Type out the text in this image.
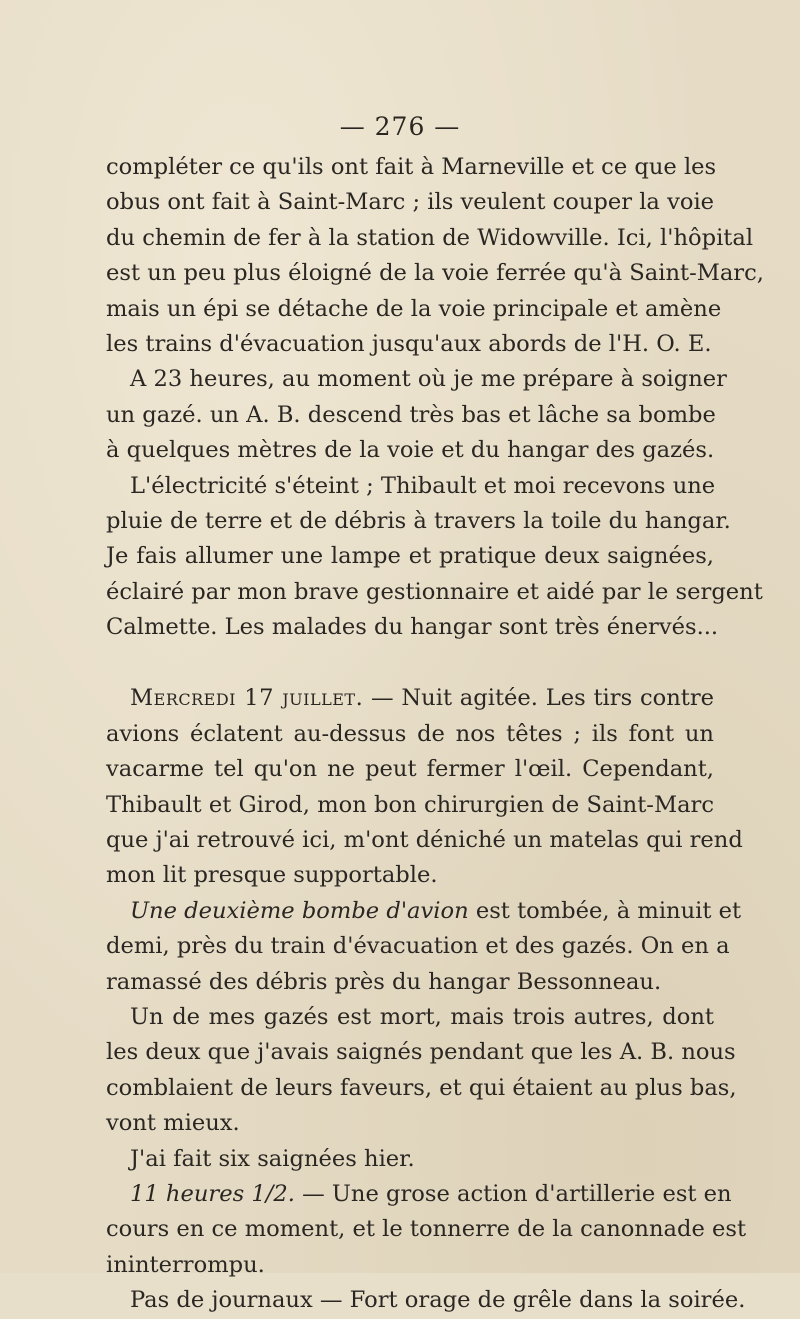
— 276 —
compléter ce qu'ils ont fait à Marneville et ce que les
obus ont fait à Saint-Marc ; ils veulent couper la voie
du chemin de fer à la station de Widowville. Ici, l'hôpital
est un peu plus éloigné de la voie ferrée qu'à Saint-Marc,
mais un épi se détache de la voie principale et amène
les trains d'évacuation jusqu'aux abords de l'H. O. E.
A 23 heures, au moment où je me prépare à soigner
un gazé. un A. B. descend très bas et lâche sa bombe
à quelques mètres de la voie et du hangar des gazés.
L'électricité s'éteint ; Thibault et moi recevons une
pluie de terre et de débris à travers la toile du hangar.
Je fais allumer une lampe et pratique deux saignées,
éclairé par mon brave gestionnaire et aidé par le sergent
Calmette. Les malades du hangar sont très énervés...
Mercredi 17 juillet. — Nuit agitée. Les tirs contre
avions éclatent au-dessus de nos têtes ; ils font un
vacarme tel qu'on ne peut fermer l'œil. Cependant,
Thibault et Girod, mon bon chirurgien de Saint-Marc
que j'ai retrouvé ici, m'ont déniché un matelas qui rend
mon lit presque supportable.
Une deuxième bombe d'avion est tombée, à minuit et
demi, près du train d'évacuation et des gazés. On en a
ramassé des débris près du hangar Bessonneau.
Un de mes gazés est mort, mais trois autres, dont
les deux que j'avais saignés pendant que les A. B. nous
comblaient de leurs faveurs, et qui étaient au plus bas,
vont mieux.
J'ai fait six saignées hier.
11 heures 1/2. — Une grose action d'artillerie est en
cours en ce moment, et le tonnerre de la canonnade est
ininterrompu.
Pas de journaux — Fort orage de grêle dans la soirée.
